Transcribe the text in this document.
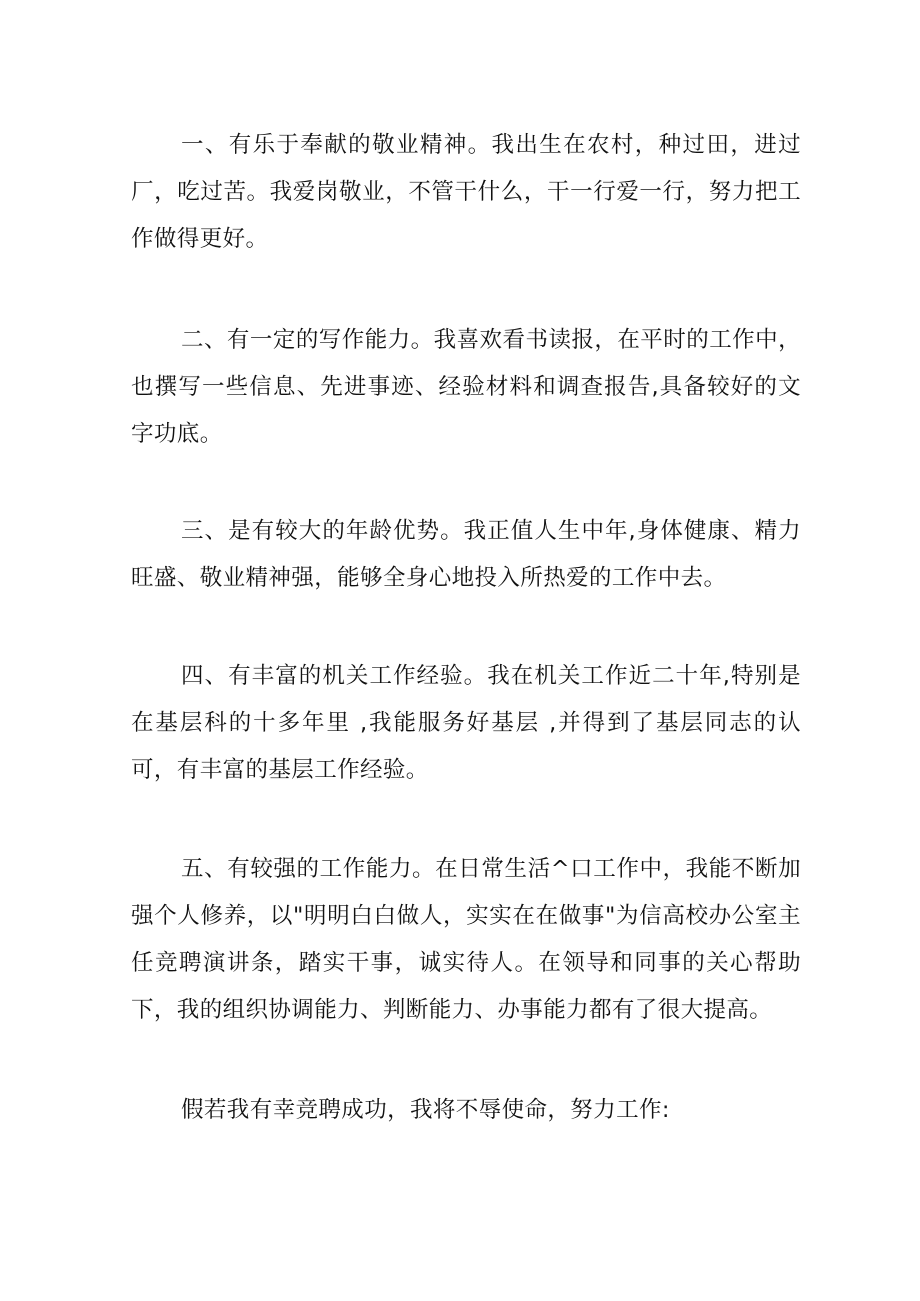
一、有乐于奉献的敬业精神。我出生在农村，种过田，进过厂，吃过苦。我爱岗敬业，不管干什么，干一行爱一行，努力把工作做得更好。

二、有一定的写作能力。我喜欢看书读报，在平时的工作中，也撰写一些信息、先进事迹、经验材料和调查报告,具备较好的文字功底。

三、是有较大的年龄优势。我正值人生中年,身体健康、精力旺盛、敬业精神强，能够全身心地投入所热爱的工作中去。

四、有丰富的机关工作经验。我在机关工作近二十年,特别是在基层科的十多年里 ,我能服务好基层 ,并得到了基层同志的认可，有丰富的基层工作经验。

五、有较强的工作能力。在日常生活^口工作中，我能不断加强个人修养，以"明明白白做人，实实在在做事"为信高校办公室主任竞聘演讲条，踏实干事，诚实待人。在领导和同事的关心帮助下，我的组织协调能力、判断能力、办事能力都有了很大提高。

假若我有幸竞聘成功，我将不辱使命，努力工作:
